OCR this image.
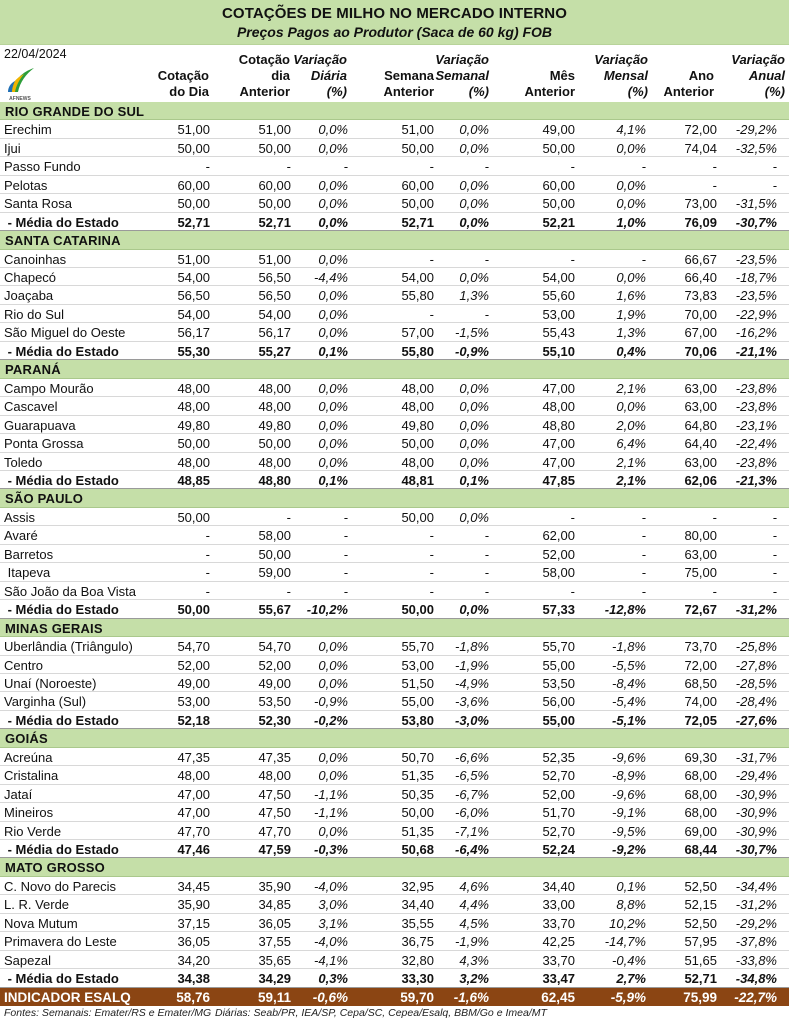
COTAÇÕES DE MILHO NO MERCADO INTERNO
Preços Pagos ao Produtor (Saca de 60 kg) FOB
22/04/2024
AFNEWS
Cotação
do Dia
Cotação
dia
Anterior
Variação
Diária
(%)
Semana
Anterior
Variação
Semanal
(%)
Mês
Anterior
Variação
Mensal
(%)
Ano
Anterior
Variação
Anual
(%)
RIO GRANDE DO SUL
Erechim	51,00	51,00 0,0%	51,00 0,0%	49,00	4,1%	72,00 -29,2%
Ijui	50,00	50,00 0,0%	50,00 0,0%	50,00	0,0%	74,04 -32,5%
Passo Fundo	-	-	-	-	-	-	-	-	-
Pelotas	60,00	60,00 0,0%	60,00 0,0%	60,00	0,0%	-	-
Santa Rosa	50,00	50,00 0,0%	50,00 0,0%	50,00	0,0%	73,00 -31,5%
- Média do Estado	52,71	52,71 0,0%	52,71 0,0%	52,21	1,0%	76,09 -30,7%
SANTA CATARINA
Canoinhas	51,00	51,00 0,0%	-	-	-	-	66,67 -23,5%
Chapecó	54,00	56,50 -4,4%	54,00 0,0%	54,00	0,0%	66,40 -18,7%
Joaçaba	56,50	56,50 0,0%	55,80 1,3%	55,60	1,6%	73,83 -23,5%
Rio do Sul	54,00	54,00 0,0%	-	-	53,00	1,9%	70,00 -22,9%
São Miguel do Oeste	56,17	56,17 0,0%	57,00 -1,5%	55,43	1,3%	67,00 -16,2%
- Média do Estado	55,30	55,27 0,1%	55,80 -0,9%	55,10	0,4%	70,06 -21,1%
PARANÁ
Campo Mourão	48,00	48,00 0,0%	48,00 0,0%	47,00	2,1%	63,00 -23,8%
Cascavel	48,00	48,00 0,0%	48,00 0,0%	48,00	0,0%	63,00 -23,8%
Guarapuava	49,80	49,80 0,0%	49,80 0,0%	48,80	2,0%	64,80 -23,1%
Ponta Grossa	50,00	50,00 0,0%	50,00 0,0%	47,00	6,4%	64,40 -22,4%
Toledo	48,00	48,00 0,0%	48,00 0,0%	47,00	2,1%	63,00 -23,8%
- Média do Estado	48,85	48,80 0,1%	48,81 0,1%	47,85	2,1%	62,06 -21,3%
SÃO PAULO
Assis	50,00	-	-	50,00 0,0%	-	-	-	-
Avaré	-	58,00	-	-	-	62,00	-	80,00	-
Barretos	-	50,00	-	-	-	52,00	-	63,00	-
Itapeva	-	59,00	-	-	-	58,00	-	75,00	-
São João da Boa Vista	-	-	-	-	-	-	-	-	-
- Média do Estado	50,00	55,67 -10,2%	50,00 0,0%	57,33 -12,8%	72,67 -31,2%
MINAS GERAIS
Uberlândia (Triângulo)	54,70	54,70 0,0%	55,70 -1,8%	55,70	-1,8%	73,70 -25,8%
Centro	52,00	52,00 0,0%	53,00 -1,9%	55,00	-5,5%	72,00 -27,8%
Unaí (Noroeste)	49,00	49,00 0,0%	51,50 -4,9%	53,50	-8,4%	68,50 -28,5%
Varginha (Sul)	53,00	53,50 -0,9%	55,00 -3,6%	56,00	-5,4%	74,00 -28,4%
- Média do Estado	52,18	52,30 -0,2%	53,80 -3,0%	55,00	-5,1%	72,05 -27,6%
GOIÁS
Acreúna	47,35	47,35 0,0%	50,70 -6,6%	52,35	-9,6%	69,30 -31,7%
Cristalina	48,00	48,00 0,0%	51,35 -6,5%	52,70	-8,9%	68,00 -29,4%
Jataí	47,00	47,50 -1,1%	50,35 -6,7%	52,00	-9,6%	68,00 -30,9%
Mineiros	47,00	47,50 -1,1%	50,00 -6,0%	51,70	-9,1%	68,00 -30,9%
Rio Verde	47,70	47,70 0,0%	51,35 -7,1%	52,70	-9,5%	69,00 -30,9%
- Média do Estado	47,46	47,59 -0,3%	50,68 -6,4%	52,24	-9,2%	68,44 -30,7%
MATO GROSSO
C. Novo do Parecis	34,45	35,90 -4,0%	32,95 4,6%	34,40	0,1%	52,50 -34,4%
L. R. Verde	35,90	34,85 3,0%	34,40 4,4%	33,00	8,8%	52,15 -31,2%
Nova Mutum	37,15	36,05 3,1%	35,55 4,5%	33,70	10,2%	52,50 -29,2%
Primavera do Leste	36,05	37,55 -4,0%	36,75 -1,9%	42,25 -14,7%	57,95 -37,8%
Sapezal	34,20	35,65 -4,1%	32,80 4,3%	33,70	-0,4%	51,65 -33,8%
- Média do Estado	34,38	34,29 0,3%	33,30 3,2%	33,47	2,7%	52,71 -34,8%
INDICADOR ESALQ	58,76	59,11 -0,6%	59,70 -1,6%	62,45	-5,9%	75,99 -22,7%
Fontes: Semanais: Emater/RS e Emater/MG Diárias: Seab/PR, IEA/SP, Cepa/SC, Cepea/Esalq, BBM/Go e Imea/MT
